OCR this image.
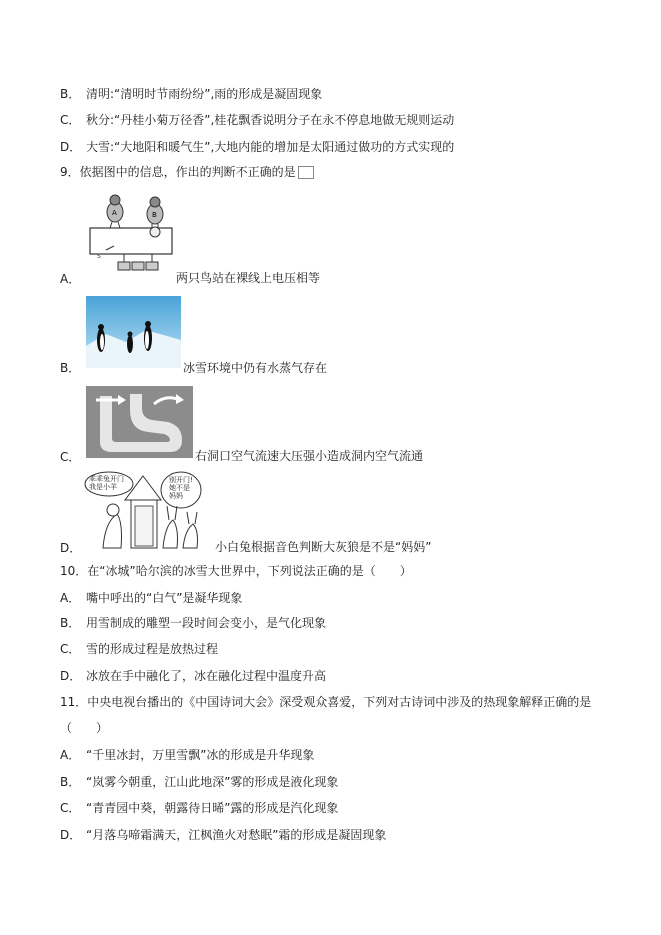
B． 清明:“清明时节雨纷纷”,雨的形成是凝固现象
C． 秋分:“丹桂小菊万径香”,桂花飘香说明分子在永不停息地做无规则运动
D． 大雪:“大地阳和暖气生”,大地内能的增加是太阳通过做功的方式实现的
9．依据图中的信息，作出的判断不正确的是
S
A	B
A．	两只鸟站在裸线上电压相等
B．	冰雪环境中仍有水蒸气存在
C．	右洞口空气流速大压强小造成洞内空气流通
乖乖兔开门
我是小羊
别开门!
她不是
妈妈
D．	小白兔根据音色判断大灰狼是不是“妈妈”
10．在“冰城”哈尔滨的冰雪大世界中，下列说法正确的是（　　）
A． 嘴中呼出的“白气”是凝华现象
B． 用雪制成的雕塑一段时间会变小，是气化现象
C． 雪的形成过程是放热过程
D． 冰放在手中融化了，冰在融化过程中温度升高
11．中央电视台播出的《中国诗词大会》深受观众喜爱，下列对古诗词中涉及的热现象解释正确的是
（　　）
A． “千里冰封，万里雪飘”冰的形成是升华现象
B． “岚雾今朝重，江山此地深”雾的形成是液化现象
C． “青青园中葵，朝露待日晞”露的形成是汽化现象
D． “月落乌啼霜满天，江枫渔火对愁眠”霜的形成是凝固现象
